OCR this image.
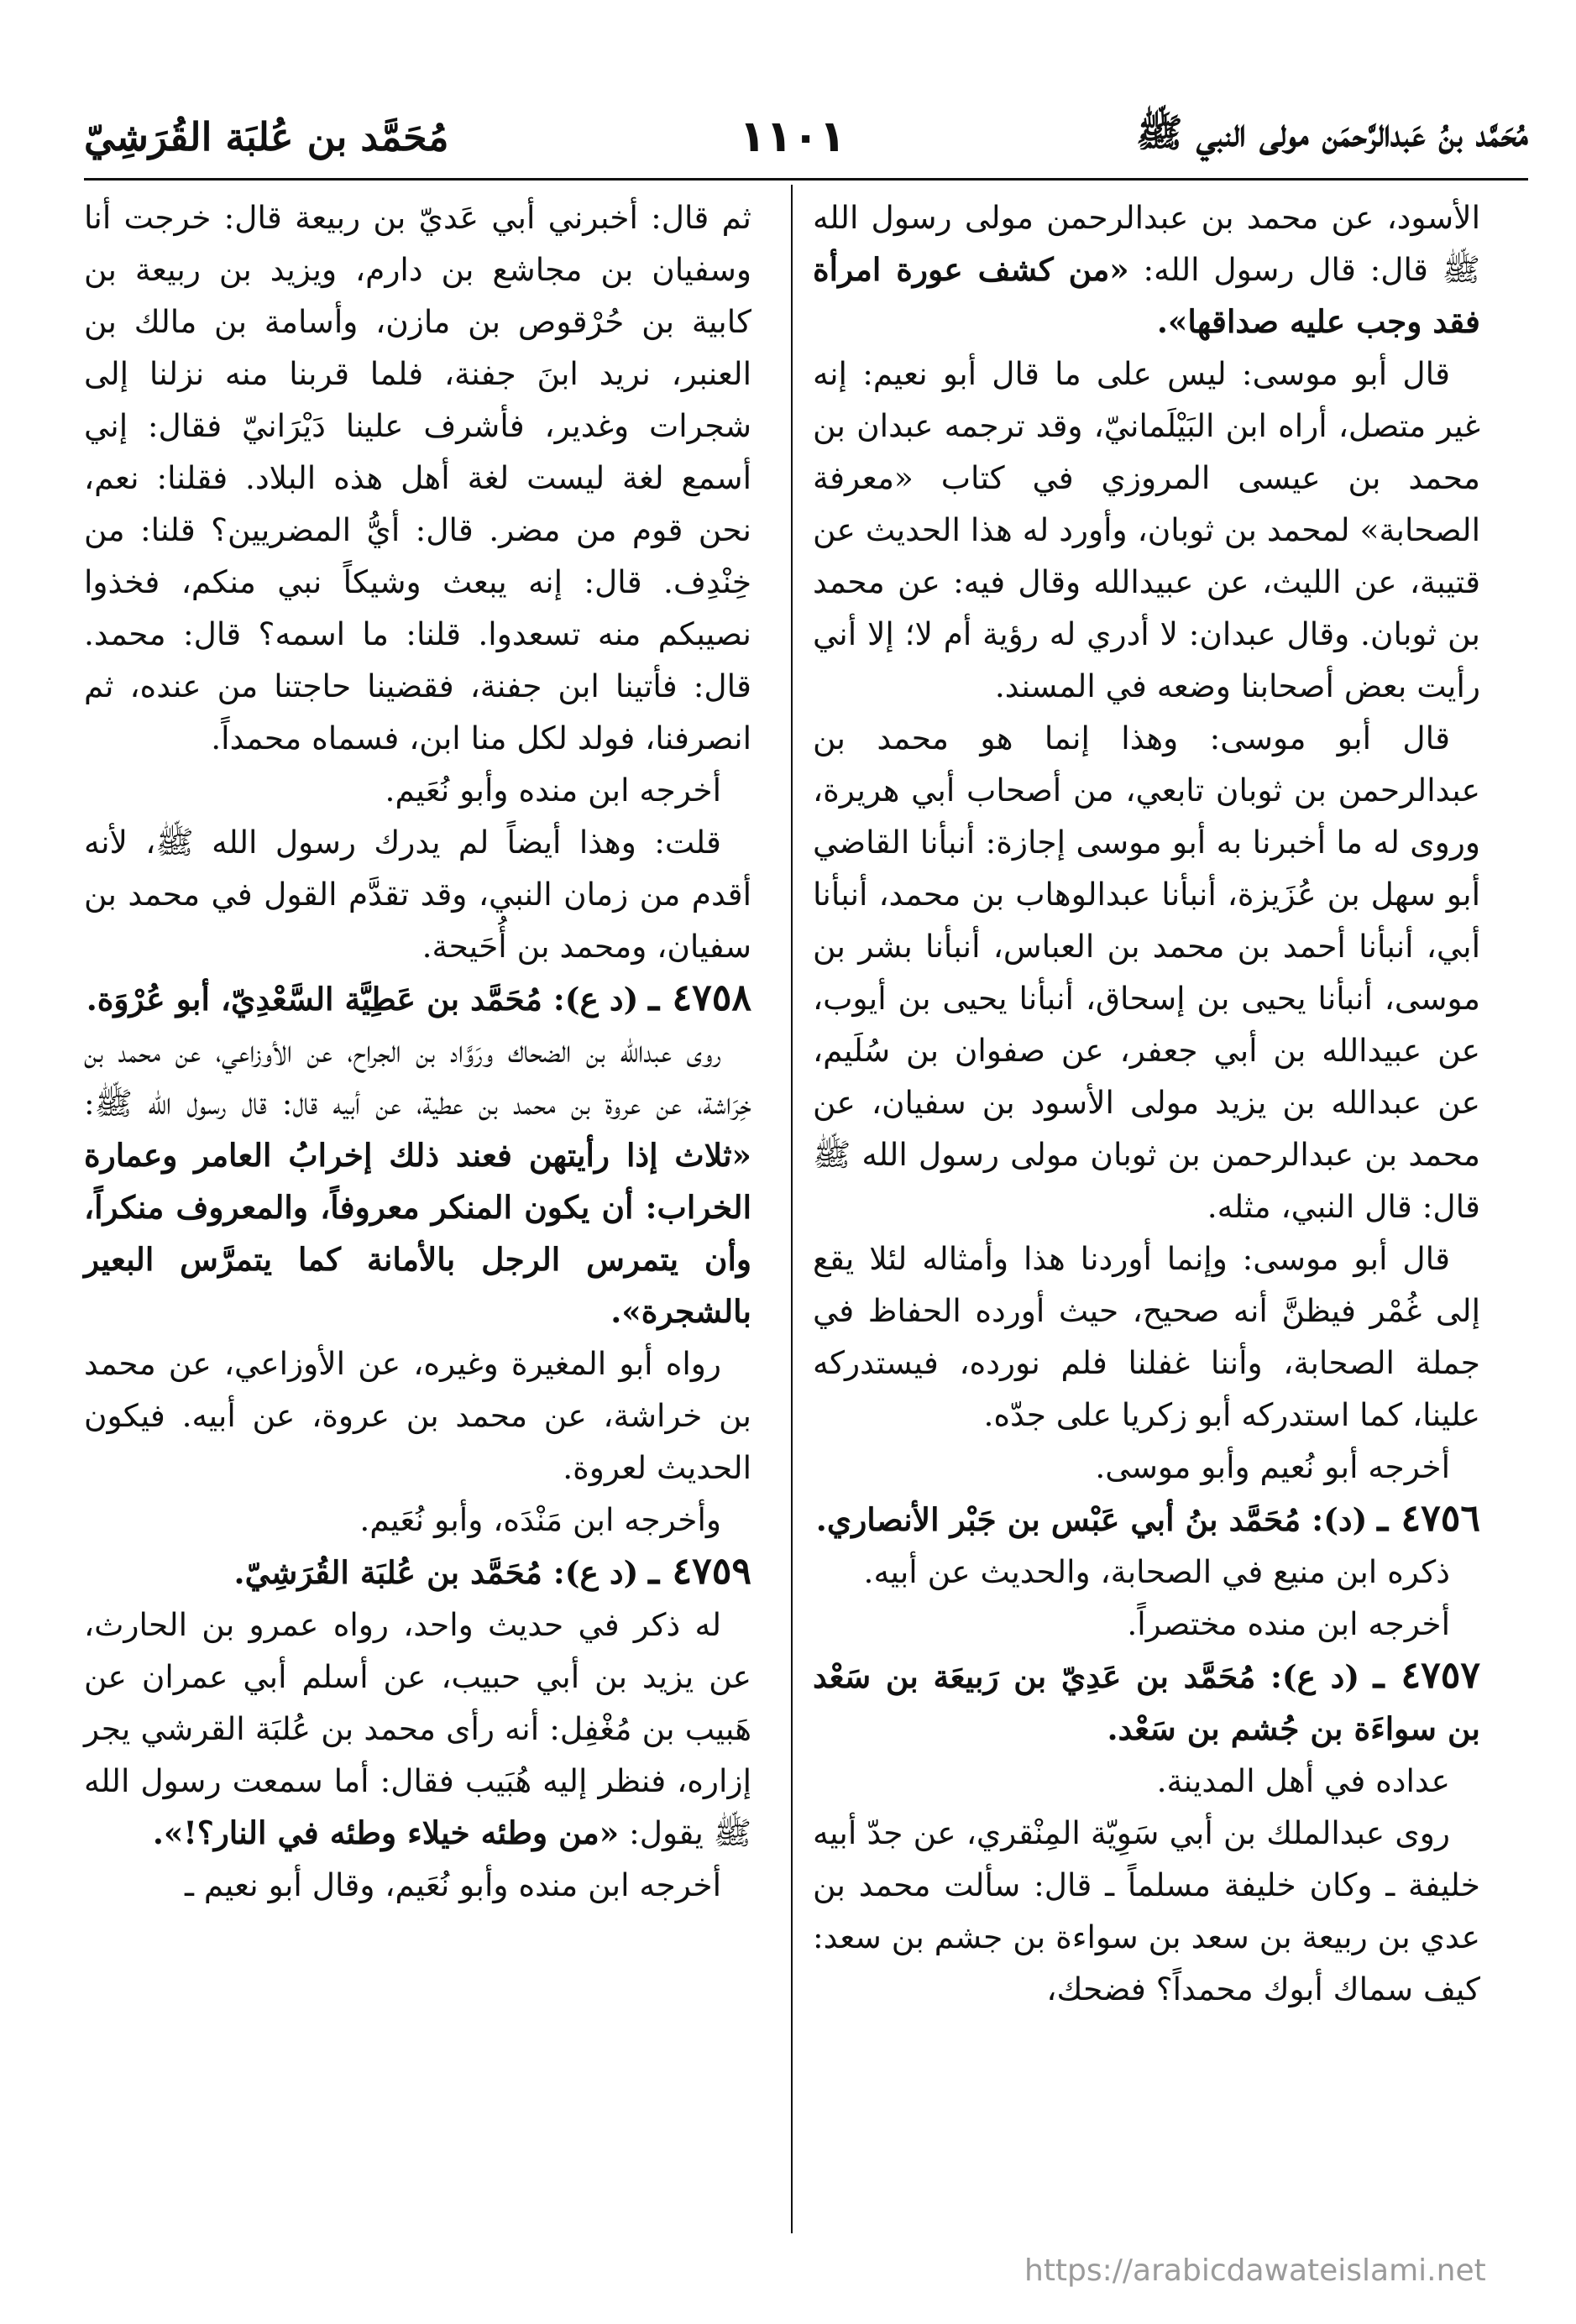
مُحَمَّد بنُ عَبدالرَّحمَن مولى النبي ﷺ
١١٠١
مُحَمَّد بن عُلبَة القُرَشِيّ

الأسود، عن محمد بن عبدالرحمن مولى رسول الله ﷺ قال: قال رسول الله: «من كشف عورة امرأة فقد وجب عليه صداقها».

قال أبو موسى: ليس على ما قال أبو نعيم: إنه غير متصل، أراه ابن البَيْلَمانيّ، وقد ترجمه عبدان بن محمد بن عيسى المروزي في كتاب «معرفة الصحابة» لمحمد بن ثوبان، وأورد له هذا الحديث عن قتيبة، عن الليث، عن عبيدالله وقال فيه: عن محمد بن ثوبان. وقال عبدان: لا أدري له رؤية أم لا؛ إلا أني رأيت بعض أصحابنا وضعه في المسند.

قال أبو موسى: وهذا إنما هو محمد بن عبدالرحمن بن ثوبان تابعي، من أصحاب أبي هريرة، وروى له ما أخبرنا به أبو موسى إجازة: أنبأنا القاضي أبو سهل بن عُزَيزة، أنبأنا عبدالوهاب بن محمد، أنبأنا أبي، أنبأنا أحمد بن محمد بن العباس، أنبأنا بشر بن موسى، أنبأنا يحيى بن إسحاق، أنبأنا يحيى بن أيوب، عن عبيدالله بن أبي جعفر، عن صفوان بن سُلَيم، عن عبدالله بن يزيد مولى الأسود بن سفيان، عن محمد بن عبدالرحمن بن ثوبان مولى رسول الله ﷺ قال: قال النبي، مثله.

قال أبو موسى: وإنما أوردنا هذا وأمثاله لئلا يقع إلى غُمْر فيظنَّ أنه صحيح، حيث أورده الحفاظ في جملة الصحابة، وأننا غفلنا فلم نورده، فيستدركه علينا، كما استدركه أبو زكريا على جدّه.

أخرجه أبو نُعيم وأبو موسى.

٤٧٥٦ ـ (د): مُحَمَّد بنُ أبي عَبْس بن جَبْر الأنصاري.

ذكره ابن منيع في الصحابة، والحديث عن أبيه.

أخرجه ابن منده مختصراً.

٤٧٥٧ ـ (د ع): مُحَمَّد بن عَدِيّ بن رَبيعَة بن سَعْد بن سواءَة بن جُشم بن سَعْد.

عداده في أهل المدينة.

روى عبدالملك بن أبي سَوِيّة المِنْقري، عن جدّ أبيه خليفة ـ وكان خليفة مسلماً ـ قال: سألت محمد بن عدي بن ربيعة بن سعد بن سواءة بن جشم بن سعد: كيف سماك أبوك محمداً؟ فضحك،

ثم قال: أخبرني أبي عَديّ بن ربيعة قال: خرجت أنا وسفيان بن مجاشع بن دارم، ويزيد بن ربيعة بن كابية بن حُرْقوص بن مازن، وأسامة بن مالك بن العنبر، نريد ابنَ جفنة، فلما قربنا منه نزلنا إلى شجرات وغدير، فأشرف علينا دَيْرَانيّ فقال: إني أسمع لغة ليست لغة أهل هذه البلاد. فقلنا: نعم، نحن قوم من مضر. قال: أيُّ المضريين؟ قلنا: من خِنْدِف. قال: إنه يبعث وشيكاً نبي منكم، فخذوا نصيبكم منه تسعدوا. قلنا: ما اسمه؟ قال: محمد. قال: فأتينا ابن جفنة، فقضينا حاجتنا من عنده، ثم انصرفنا، فولد لكل منا ابن، فسماه محمداً.

أخرجه ابن منده وأبو نُعَيم.

قلت: وهذا أيضاً لم يدرك رسول الله ﷺ، لأنه أقدم من زمان النبي، وقد تقدَّم القول في محمد بن سفيان، ومحمد بن أُحَيحة.

٤٧٥٨ ـ (د ع): مُحَمَّد بن عَطِيَّة السَّعْدِيّ، أبو عُرْوَة.

روى عبدالله بن الضحاك ورَوَّاد بن الجراح، عن الأوزاعي، عن محمد بن خِرَاشة، عن عروة بن محمد بن عطية، عن أبيه قال: قال رسول الله ﷺ: «ثلاث إذا رأيتهن فعند ذلك إخرابُ العامر وعمارة الخراب: أن يكون المنكر معروفاً، والمعروف منكراً، وأن يتمرس الرجل بالأمانة كما يتمرَّس البعير بالشجرة».

رواه أبو المغيرة وغيره، عن الأوزاعي، عن محمد بن خراشة، عن محمد بن عروة، عن أبيه. فيكون الحديث لعروة.

وأخرجه ابن مَنْدَه، وأبو نُعَيم.

٤٧٥٩ ـ (د ع): مُحَمَّد بن عُلبَة القُرَشِيّ.

له ذكر في حديث واحد، رواه عمرو بن الحارث، عن يزيد بن أبي حبيب، عن أسلم أبي عمران عن هَبيب بن مُغْفِل: أنه رأى محمد بن عُلبَة القرشي يجر إزاره، فنظر إليه هُبَيب فقال: أما سمعت رسول الله ﷺ يقول: «من وطئه خيلاء وطئه في النار؟!».

أخرجه ابن منده وأبو نُعَيم، وقال أبو نعيم ـ

https://arabicdawateislami.net
